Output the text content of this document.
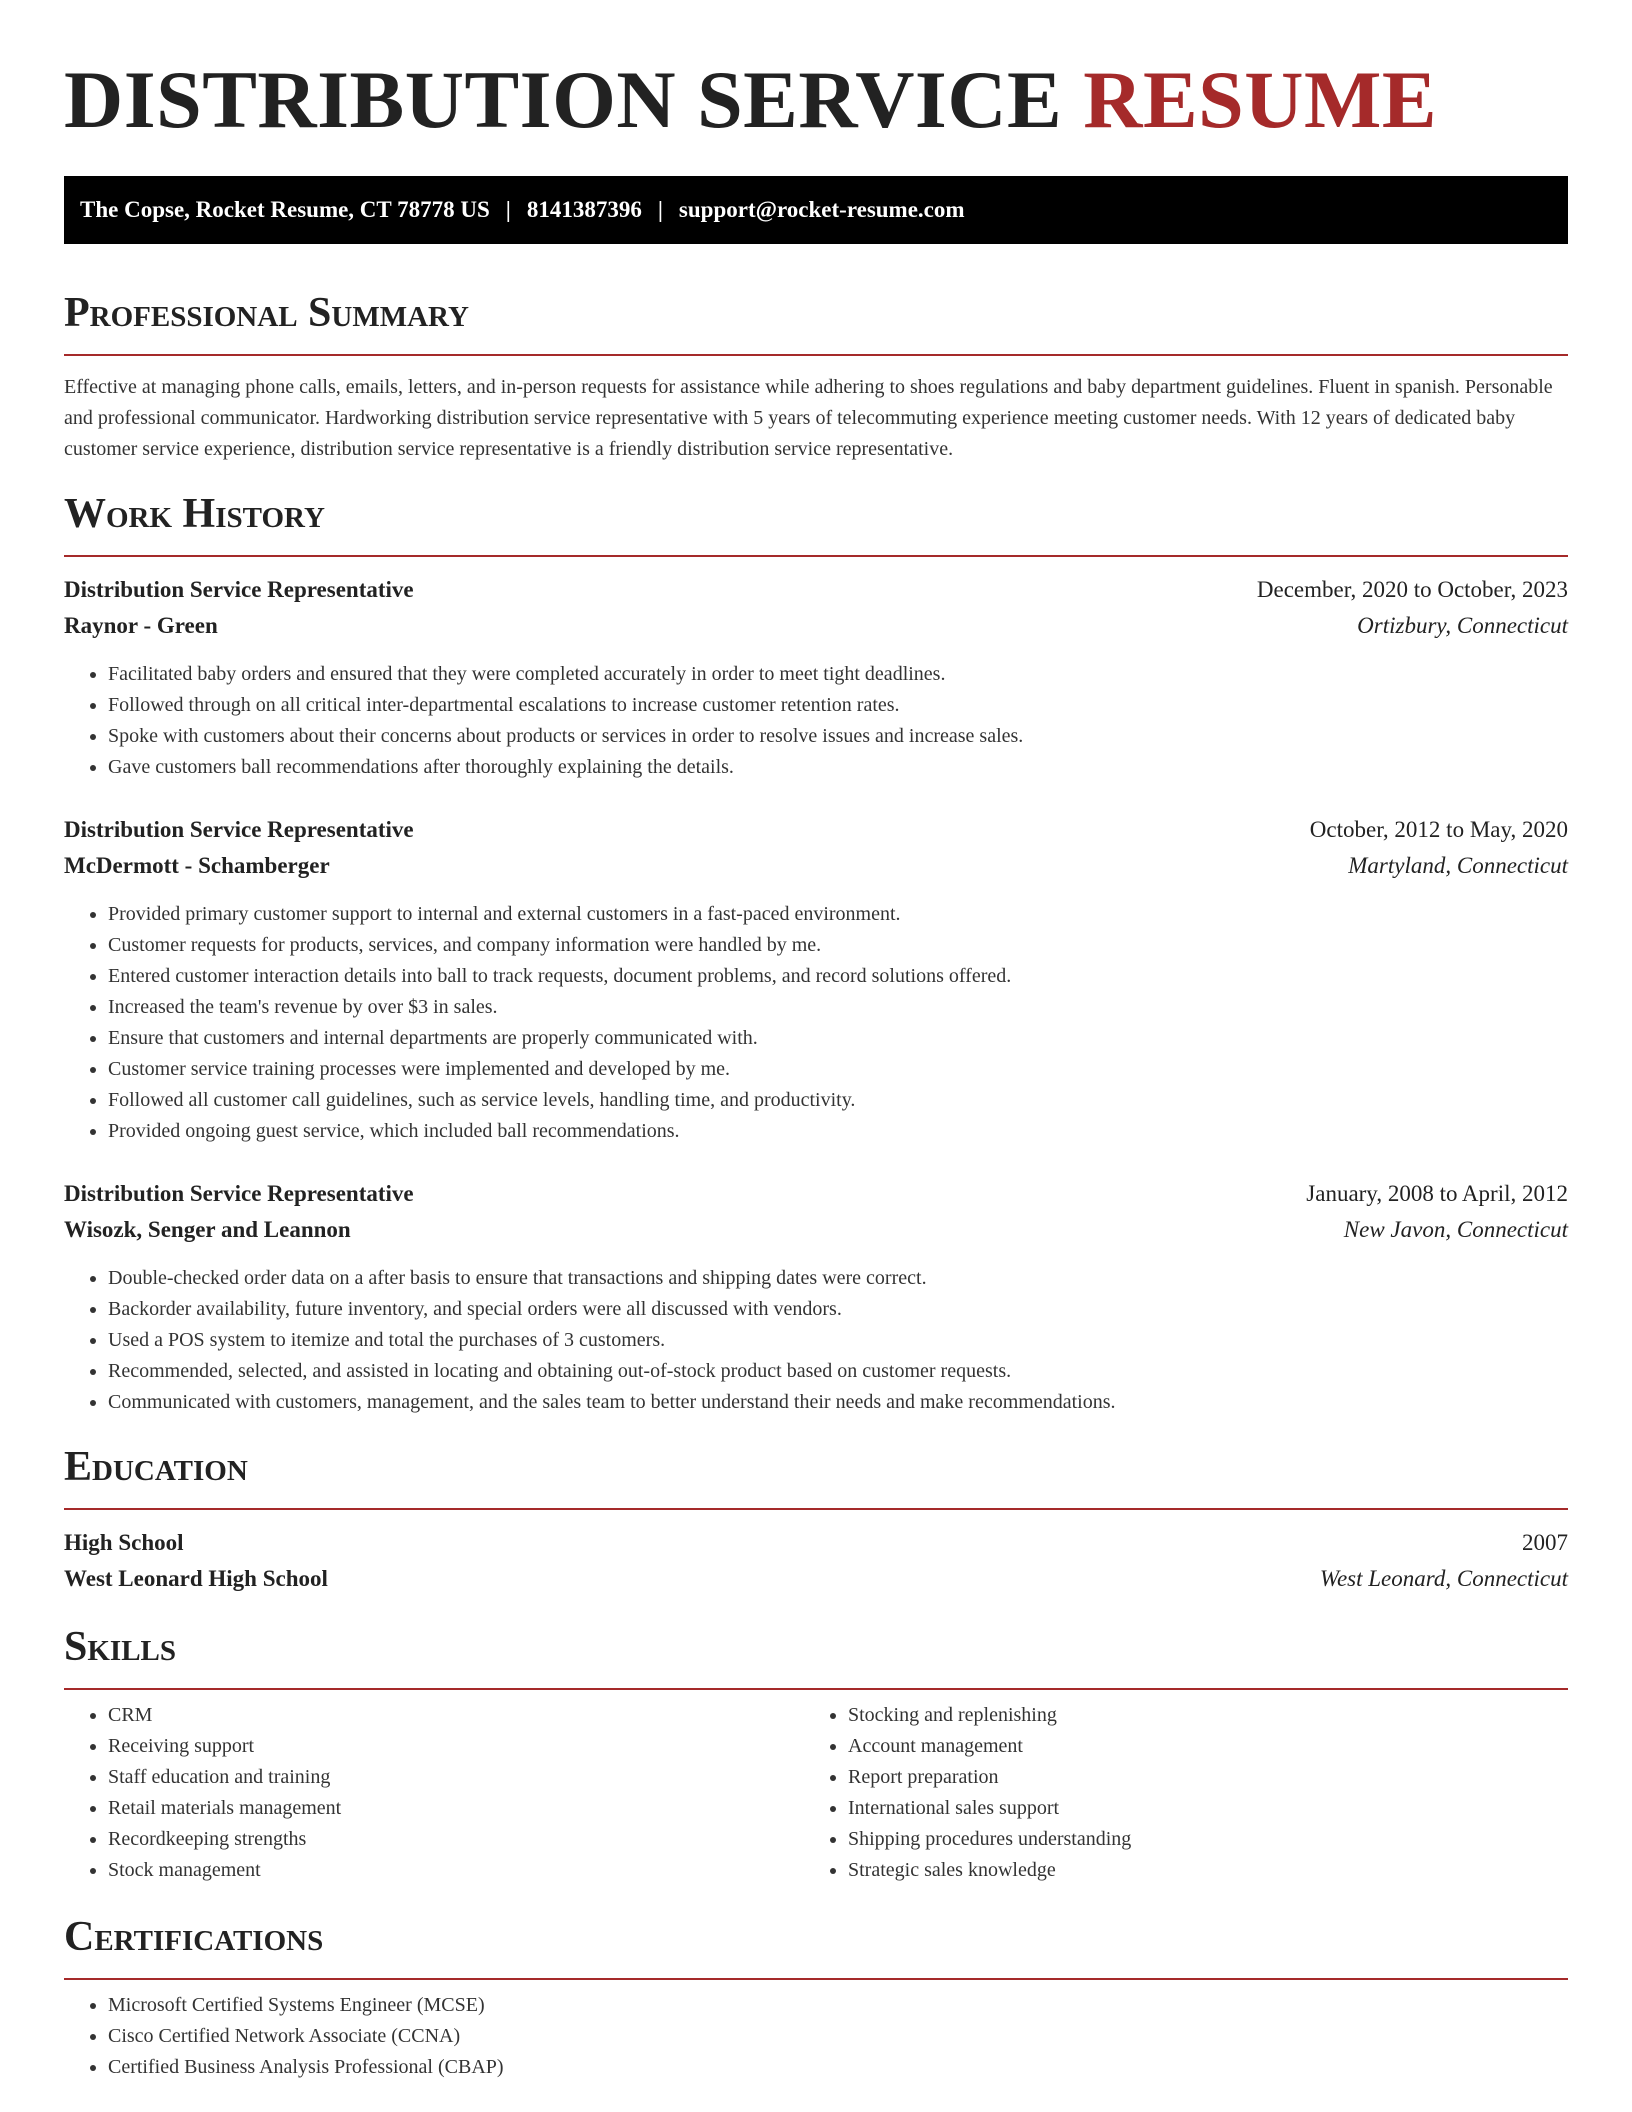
DISTRIBUTION SERVICE RESUME
The Copse, Rocket Resume, CT 78778 US | 8141387396 | support@rocket-resume.com
Professional Summary

Effective at managing phone calls, emails, letters, and in-person requests for assistance while adhering to shoes regulations and baby department guidelines. Fluent in spanish. Personable and professional communicator. Hardworking distribution service representative with 5 years of telecommuting experience meeting customer needs. With 12 years of dedicated baby customer service experience, distribution service representative is a friendly distribution service representative.

Work History
Distribution Service Representative	December, 2020 to October, 2023
Raynor - Green	Ortizbury, Connecticut
• Facilitated baby orders and ensured that they were completed accurately in order to meet tight deadlines.
• Followed through on all critical inter-departmental escalations to increase customer retention rates.
• Spoke with customers about their concerns about products or services in order to resolve issues and increase sales.
• Gave customers ball recommendations after thoroughly explaining the details.
Distribution Service Representative	October, 2012 to May, 2020
McDermott - Schamberger	Martyland, Connecticut
• Provided primary customer support to internal and external customers in a fast-paced environment.
• Customer requests for products, services, and company information were handled by me.
• Entered customer interaction details into ball to track requests, document problems, and record solutions offered.
• Increased the team's revenue by over $3 in sales.
• Ensure that customers and internal departments are properly communicated with.
• Customer service training processes were implemented and developed by me.
• Followed all customer call guidelines, such as service levels, handling time, and productivity.
• Provided ongoing guest service, which included ball recommendations.
Distribution Service Representative	January, 2008 to April, 2012
Wisozk, Senger and Leannon	New Javon, Connecticut
• Double-checked order data on a after basis to ensure that transactions and shipping dates were correct.
• Backorder availability, future inventory, and special orders were all discussed with vendors.
• Used a POS system to itemize and total the purchases of 3 customers.
• Recommended, selected, and assisted in locating and obtaining out-of-stock product based on customer requests.
• Communicated with customers, management, and the sales team to better understand their needs and make recommendations.
Education
High School	2007
West Leonard High School	West Leonard, Connecticut
Skills
• CRM
• Receiving support
• Staff education and training
• Retail materials management
• Recordkeeping strengths
• Stock management
• Stocking and replenishing
• Account management
• Report preparation
• International sales support
• Shipping procedures understanding
• Strategic sales knowledge
Certifications
• Microsoft Certified Systems Engineer (MCSE)
• Cisco Certified Network Associate (CCNA)
• Certified Business Analysis Professional (CBAP)
